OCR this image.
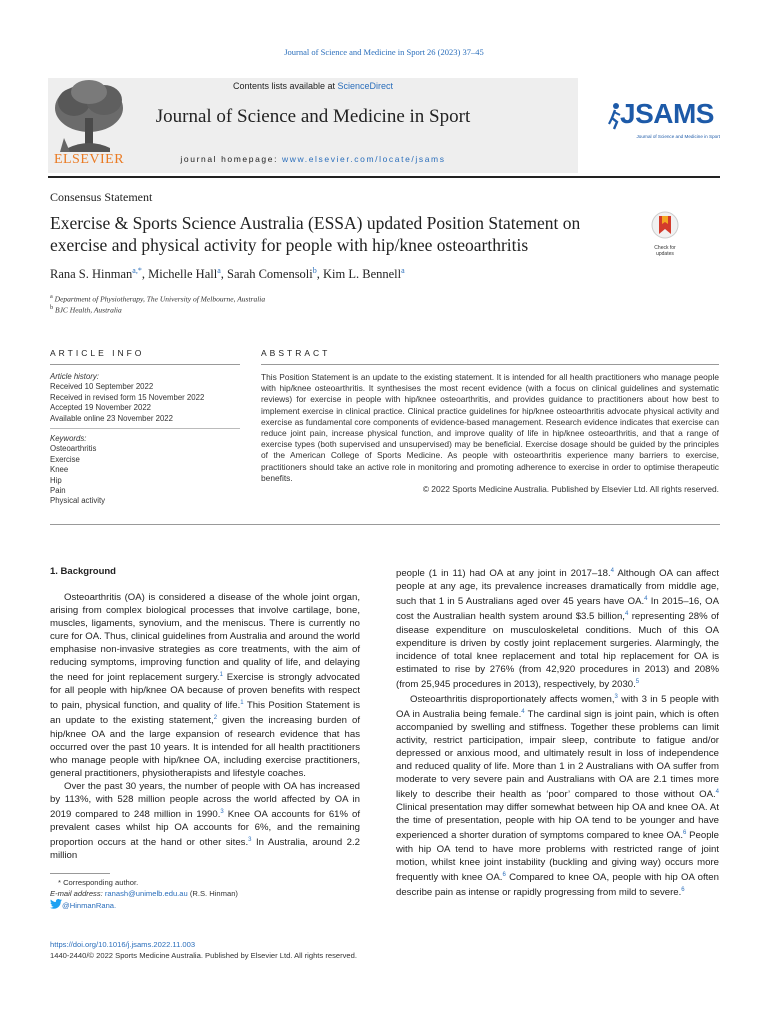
Journal of Science and Medicine in Sport 26 (2023) 37–45
Contents lists available at ScienceDirect
Journal of Science and Medicine in Sport
journal homepage: www.elsevier.com/locate/jsams
ELSEVIER
JSAMS
Journal of Science and Medicine in Sport
Consensus Statement
Exercise & Sports Science Australia (ESSA) updated Position Statement on exercise and physical activity for people with hip/knee osteoarthritis	Check for
updates
Rana S. Hinman$^{a,*}$, Michelle Hall$^a$, Sarah Comensoli$^b$, Kim L. Bennell$^a$
$^a$ Department of Physiotherapy, The University of Melbourne, Australia
$^b$ BJC Health, Australia
ARTICLE INFO	ABSTRACT
Article history:
Received 10 September 2022
Received in revised form 15 November 2022
Accepted 19 November 2022
Available online 23 November 2022
Keywords:
Osteoarthritis
Exercise
Knee
Hip
Pain
Physical activity
This Position Statement is an update to the existing statement. It is intended for all health practitioners who manage people with hip/knee osteoarthritis. It synthesises the most recent evidence (with a focus on clinical guidelines and systematic reviews) for exercise in people with hip/knee osteoarthritis, and provides guidance to practitioners about how best to implement exercise in clinical practice. Clinical practice guidelines for hip/knee osteoarthritis advocate physical activity and exercise as fundamental core components of evidence-based management. Research evidence indicates that exercise can reduce joint pain, increase physical function, and improve quality of life in hip/knee osteoarthritis, and that a range of exercise types (both supervised and unsupervised) may be beneficial. Exercise dosage should be guided by the principles of the American College of Sports Medicine. As people with osteoarthritis experience many barriers to exercise, practitioners should take an active role in monitoring and promoting adherence to exercise in order to optimise therapeutic benefits.
© 2022 Sports Medicine Australia. Published by Elsevier Ltd. All rights reserved.
1. Background

Osteoarthritis (OA) is considered a disease of the whole joint organ, arising from complex biological processes that involve cartilage, bone, muscles, ligaments, synovium, and the meniscus. There is currently no cure for OA. Thus, clinical guidelines from Australia and around the world emphasise non-invasive strategies as core treatments, with the aim of reducing symptoms, improving function and quality of life, and delaying the need for joint replacement surgery.$^1$ Exercise is strongly advocated for all people with hip/knee OA because of proven benefits with respect to pain, physical function, and quality of life.$^1$ This Position Statement is an update to the existing statement,$^2$ given the increasing burden of hip/knee OA and the large expansion of research evidence that has occurred over the past 10 years. It is intended for all health practitioners who manage people with hip/knee OA, including exercise practitioners, general practitioners, physiotherapists and lifestyle coaches.

Over the past 30 years, the number of people with OA has increased by 113%, with 528 million people across the world affected by OA in 2019 compared to 248 million in 1990.$^3$ Knee OA accounts for 61% of prevalent cases whilst hip OA accounts for 6%, and the remaining proportion occurs at the hand or other sites.$^3$ In Australia, around 2.2 million

people (1 in 11) had OA at any joint in 2017–18.$^4$ Although OA can affect people at any age, its prevalence increases dramatically from middle age, such that 1 in 5 Australians aged over 45 years have OA.$^4$ In 2015–16, OA cost the Australian health system around $3.5 billion,$^4$ representing 28% of disease expenditure on musculoskeletal conditions. Much of this OA expenditure is driven by costly joint replacement surgeries. Alarmingly, the incidence of total knee replacement and total hip replacement for OA is estimated to rise by 276% (from 42,920 procedures in 2013) and 208% (from 25,945 procedures in 2013), respectively, by 2030.$^5$

Osteoarthritis disproportionately affects women,$^3$ with 3 in 5 people with OA in Australia being female.$^4$ The cardinal sign is joint pain, which is often accompanied by swelling and stiffness. Together these problems can limit activity, restrict participation, impair sleep, contribute to fatigue and/or depressed or anxious mood, and ultimately result in loss of independence and reduced quality of life. More than 1 in 2 Australians with OA suffer from moderate to very severe pain and Australians with OA are 2.1 times more likely to describe their health as ‘poor’ compared to those without OA.$^4$ Clinical presentation may differ somewhat between hip OA and knee OA. At the time of presentation, people with hip OA tend to be younger and have experienced a shorter duration of symptoms compared to knee OA.$^6$ People with hip OA tend to have more problems with restricted range of joint motion, whilst knee joint instability (buckling and giving way) occurs more frequently with knee OA.$^6$ Compared to knee OA, people with hip OA often describe pain as intense or rapidly progressing from mild to severe.$^6$

* Corresponding author.
E-mail address: ranash@unimelb.edu.au (R.S. Hinman)
@HinmanRana.
https://doi.org/10.1016/j.jsams.2022.11.003
1440-2440/© 2022 Sports Medicine Australia. Published by Elsevier Ltd. All rights reserved.
